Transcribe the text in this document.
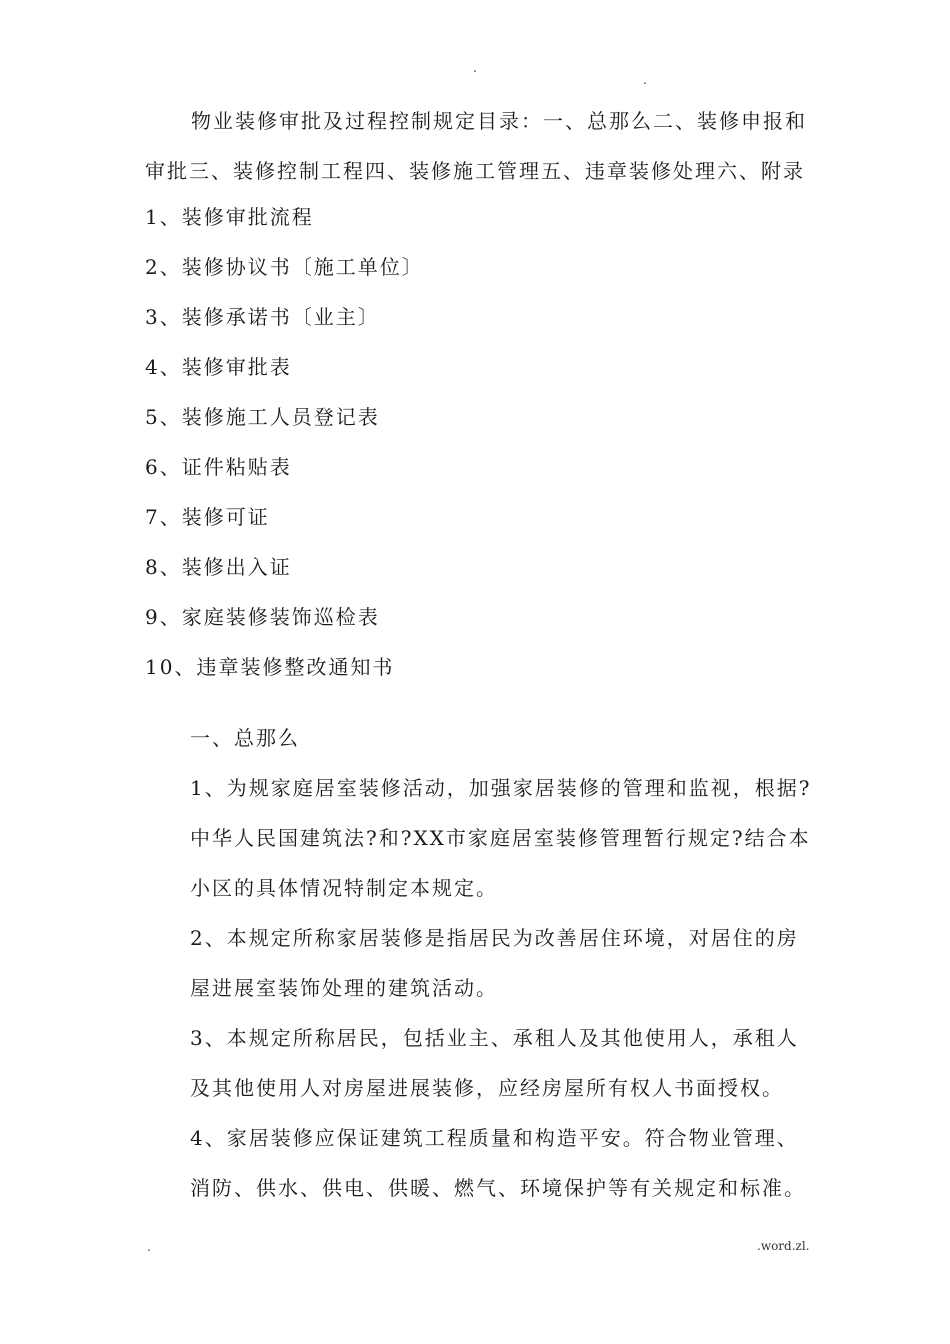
.
.

物业装修审批及过程控制规定目录：一、总那么二、装修申报和审批三、装修控制工程四、装修施工管理五、违章装修处理六、附录

1、装修审批流程
2、装修协议书〔施工单位〕
3、装修承诺书〔业主〕
4、装修审批表
5、装修施工人员登记表
6、证件粘贴表
7、装修可证
8、装修出入证
9、家庭装修装饰巡检表
10、违章装修整改通知书

一、总那么

1、为规家庭居室装修活动，加强家居装修的管理和监视，根据?中华人民国建筑法?和?XX市家庭居室装修管理暂行规定?结合本小区的具体情况特制定本规定。

2、本规定所称家居装修是指居民为改善居住环境，对居住的房屋进展室装饰处理的建筑活动。

3、本规定所称居民，包括业主、承租人及其他使用人，承租人及其他使用人对房屋进展装修，应经房屋所有权人书面授权。

4、家居装修应保证建筑工程质量和构造平安。符合物业管理、消防、供水、供电、供暖、燃气、环境保护等有关规定和标准。

.	.word.zl.
